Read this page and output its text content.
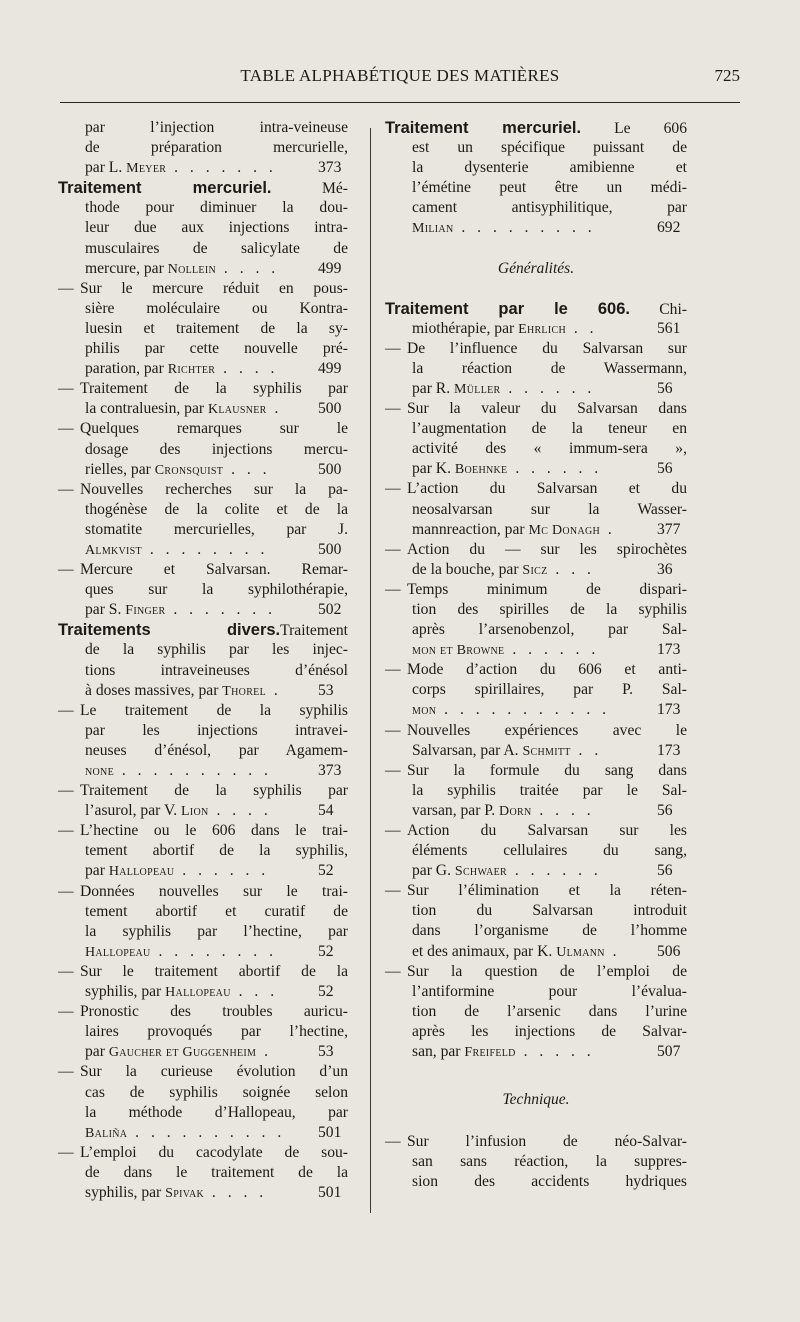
TABLE ALPHABÉTIQUE DES MATIÈRES	725
par l’injection intra-veineuse
de préparation mercurielle,
par L. Meyer . . . . . . .	373
Traitement mercuriel. Mé-
thode pour diminuer la dou-
leur due aux injections intra-
musculaires de salicylate de
mercure, par Nollein . . . . 499
— Sur le mercure réduit en pous-
sière moléculaire ou Kontra-
luesin et traitement de la sy-
philis par cette nouvelle pré-
paration, par Richter . . . .	499
— Traitement de la syphilis par
la contraluesin, par Klausner . 500
— Quelques remarques sur le
dosage des injections mercu-
rielles, par Cronsquist . . .	500
— Nouvelles recherches sur la pa-
thogénèse de la colite et de la
stomatite mercurielles, par J.
Almkvist . . . . . . . .	500
— Mercure et Salvarsan. Remar-
ques sur la syphilothérapie,
par S. Finger . . . . . . .	502
Traitements divers.Traitement
de la syphilis par les injec-
tions intraveineuses d’énésol
à doses massives, par Thorel . 53
— Le traitement de la syphilis
par les injections intravei-
neuses d’énésol, par Agamem-
none . . . . . . . . . .	373
— Traitement de la syphilis par
l’asurol, par V. Lion . . . .	54
— L’hectine ou le 606 dans le trai-
tement abortif de la syphilis,
par Hallopeau . . . . . .	52
— Données nouvelles sur le trai-
tement abortif et curatif de
la syphilis par l’hectine, par
Hallopeau . . . . . . . .	52
— Sur le traitement abortif de la
syphilis, par Hallopeau . . .	52
— Pronostic des troubles auricu-
laires provoqués par l’hectine,
par Gaucher et Guggenheim .	53
— Sur la curieuse évolution d’un
cas de syphilis soignée selon
la méthode d’Hallopeau, par
Baliña . . . . . . . . . . 501
— L’emploi du cacodylate de sou-
de dans le traitement de la
syphilis, par Spivak . . . .	501
Traitement mercuriel. Le 606
est un spécifique puissant de
la dysenterie amibienne et
l’émétine peut être un médi-
cament antisyphilitique, par
Milian . . . . . . . . .	692
Généralités.
Traitement par le 606. Chi-
miothérapie, par Ehrlich . .	561
— De l’influence du Salvarsan sur
la réaction de Wassermann,
par R. Müller . . . . . .	56
— Sur la valeur du Salvarsan dans
l’augmentation de la teneur en
activité des « immum-sera »,
par K. Boehnke . . . . . .	56
— L’action du Salvarsan et du
neosalvarsan sur la Wasser-
mannreaction, par Mc Donagh .	377
— Action du — sur les spirochètes
de la bouche, par Sicz . . .	36
— Temps minimum de dispari-
tion des spirilles de la syphilis
après l’arsenobenzol, par Sal-
mon et Browne . . . . . .	173
— Mode d’action du 606 et anti-
corps spirillaires, par P. Sal-
mon . . . . . . . . . . .	173
— Nouvelles expériences avec le
Salvarsan, par A. Schmitt . .	173
— Sur la formule du sang dans
la syphilis traitée par le Sal-
varsan, par P. Dorn . . . .	56
— Action du Salvarsan sur les
éléments cellulaires du sang,
par G. Schwaer . . . . . .	56
— Sur l’élimination et la réten-
tion du Salvarsan introduit
dans l’organisme de l’homme
et des animaux, par K. Ulmann . 506
— Sur la question de l’emploi de
l’antiformine pour l’évalua-
tion de l’arsenic dans l’urine
après les injections de Salvar-
san, par Freifeld . . . . .	507
Technique.
— Sur l’infusion de néo-Salvar-
san sans réaction, la suppres-
sion des accidents hydriques
